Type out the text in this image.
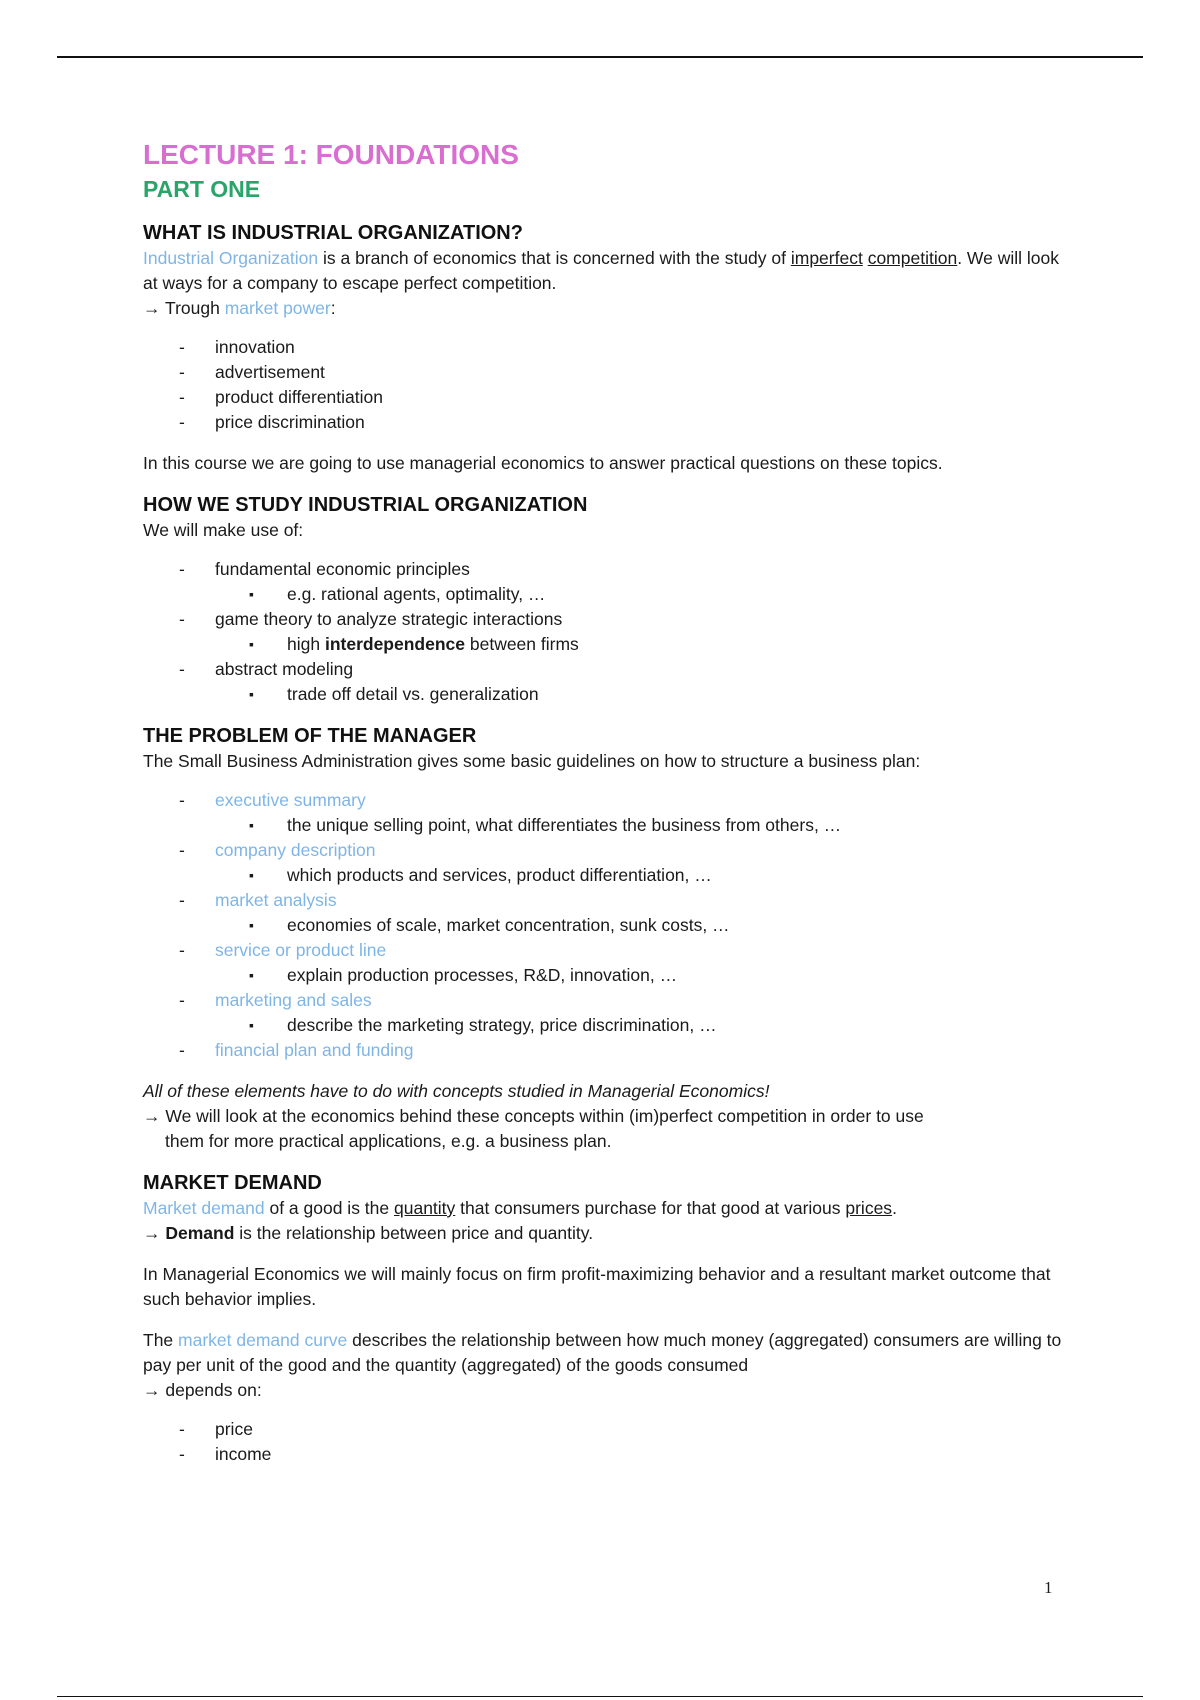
LECTURE 1: FOUNDATIONS
PART ONE
WHAT IS INDUSTRIAL ORGANIZATION?

Industrial Organization is a branch of economics that is concerned with the study of imperfect competition. We will look at ways for a company to escape perfect competition.

→ Trough market power:

- innovation
- advertisement
- product differentiation
- price discrimination

In this course we are going to use managerial economics to answer practical questions on these topics.

HOW WE STUDY INDUSTRIAL ORGANIZATION

We will make use of:

- fundamental economic principles
▪ e.g. rational agents, optimality, …
- game theory to analyze strategic interactions
▪ high interdependence between firms
- abstract modeling
▪ trade off detail vs. generalization
THE PROBLEM OF THE MANAGER

The Small Business Administration gives some basic guidelines on how to structure a business plan:

- executive summary
▪ the unique selling point, what differentiates the business from others, …
- company description
▪ which products and services, product differentiation, …
- market analysis
▪ economies of scale, market concentration, sunk costs, …
- service or product line
▪ explain production processes, R&D, innovation, …
- marketing and sales
▪ describe the marketing strategy, price discrimination, …
- financial plan and funding

All of these elements have to do with concepts studied in Managerial Economics!

→ We will look at the economics behind these concepts within (im)perfect competition in order to use

them for more practical applications, e.g. a business plan.

MARKET DEMAND

Market demand of a good is the quantity that consumers purchase for that good at various prices.

→ Demand is the relationship between price and quantity.

In Managerial Economics we will mainly focus on firm profit-maximizing behavior and a resultant market outcome that such behavior implies.

The market demand curve describes the relationship between how much money (aggregated) consumers are willing to pay per unit of the good and the quantity (aggregated) of the goods consumed

→ depends on:

- price
- income
1
